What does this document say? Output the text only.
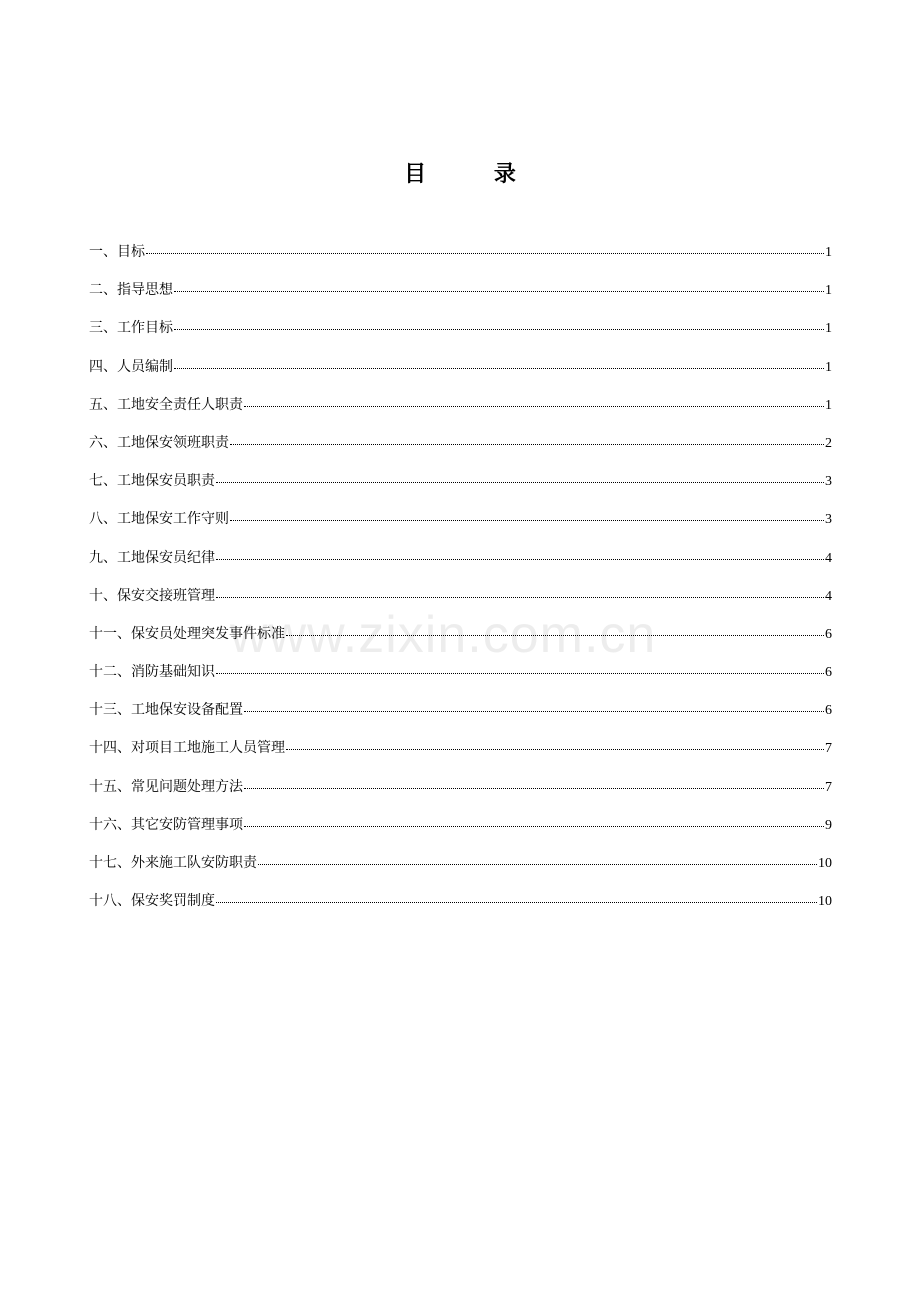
www.zixin.com.cn
目 录
一、目标	1
二、指导思想	1
三、工作目标	1
四、人员编制	1
五、工地安全责任人职责	1
六、工地保安领班职责	2
七、工地保安员职责	3
八、工地保安工作守则	3
九、工地保安员纪律	4
十、保安交接班管理	4
十一、保安员处理突发事件标准	6
十二、消防基础知识	6
十三、工地保安设备配置	6
十四、对项目工地施工人员管理	7
十五、常见问题处理方法	7
十六、其它安防管理事项	9
十七、外来施工队安防职责	10
十八、保安奖罚制度	10
